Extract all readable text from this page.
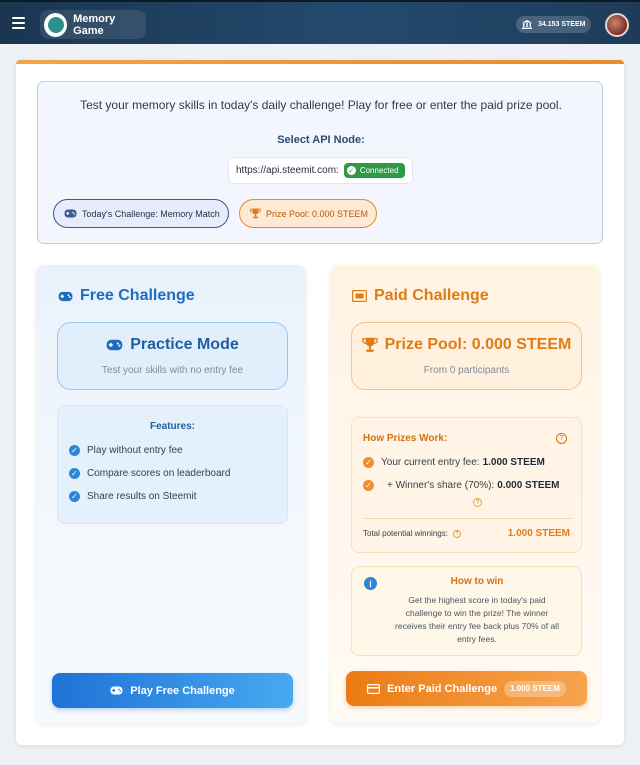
Memory Game	34.153 STEEM
Test your memory skills in today's daily challenge! Play for free or enter the paid prize pool.
Select API Node:
https://api.steemit.com: ✓ Connected
Today's Challenge: Memory Match	Prize Pool: 0.000 STEEM
Free Challenge
Practice Mode
Test your skills with no entry fee
Features:
✓ Play without entry fee
✓ Compare scores on leaderboard
✓ Share results on Steemit
Play Free Challenge
Paid Challenge
Prize Pool: 0.000 STEEM
From 0 participants
How Prizes Work:	?
✓ Your current entry fee: 1.000 STEEM
✓ + Winner's share (70%): 0.000 STEEM
?
Total potential winnings:	?	1.000 STEEM
i	How to win
Get the highest score in today's paid challenge to win the prize! The winner receives their entry fee back plus 70% of all entry fees.
Enter Paid Challenge	1.000 STEEM
